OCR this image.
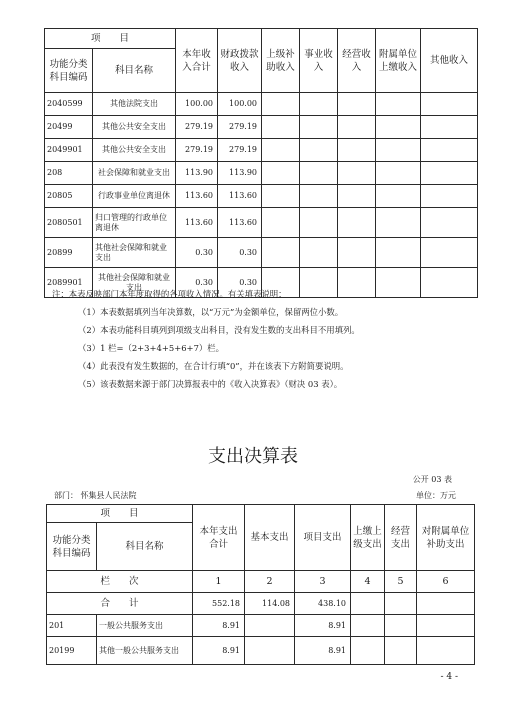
项　　目		本年收入合计	财政拨款收入	上级补助收入	事业收入	经营收入	附属单位上缴收入	其他收入
功能分类科目编码	科目名称							
2040599	其他法院支出	100.00	100.00					
20499	其他公共安全支出	279.19	279.19					
2049901	其他公共安全支出	279.19	279.19					
208	社会保障和就业支出	113.90	113.90					
20805	行政事业单位离退休	113.60	113.60					
2080501	归口管理的行政单位离退休	113.60	113.60					
20899	其他社会保障和就业支出	0.30	0.30					
2089901	其他社会保障和就业支出	0.30	0.30					
注：本表反映部门本年度取得的各项收入情况。有关填表说明：
（1）本表数据填列当年决算数，以“万元”为金额单位，保留两位小数。
（2）本表功能科目填列到项级支出科目，没有发生数的支出科目不用填列。
（3）1 栏=（2+3+4+5+6+7）栏。
（4）此表没有发生数据的，在合计行填“0”，并在该表下方附简要说明。
（5）该表数据来源于部门决算报表中的《收入决算表》（财决 03 表）。
支出决算表
公开 03 表
部门： 怀集县人民法院	单位：万元
项　　目		本年支出合计	基本支出	项目支出	上缴上级支出	经营支出	对附属单位补助支出
功能分类科目编码	科目名称						
栏　　次		1	2	3	4	5	6
合　　计		552.18	114.08	438.10			
201	一般公共服务支出	8.91		8.91			
20199	其他一般公共服务支出	8.91		8.91			
- 4 -
